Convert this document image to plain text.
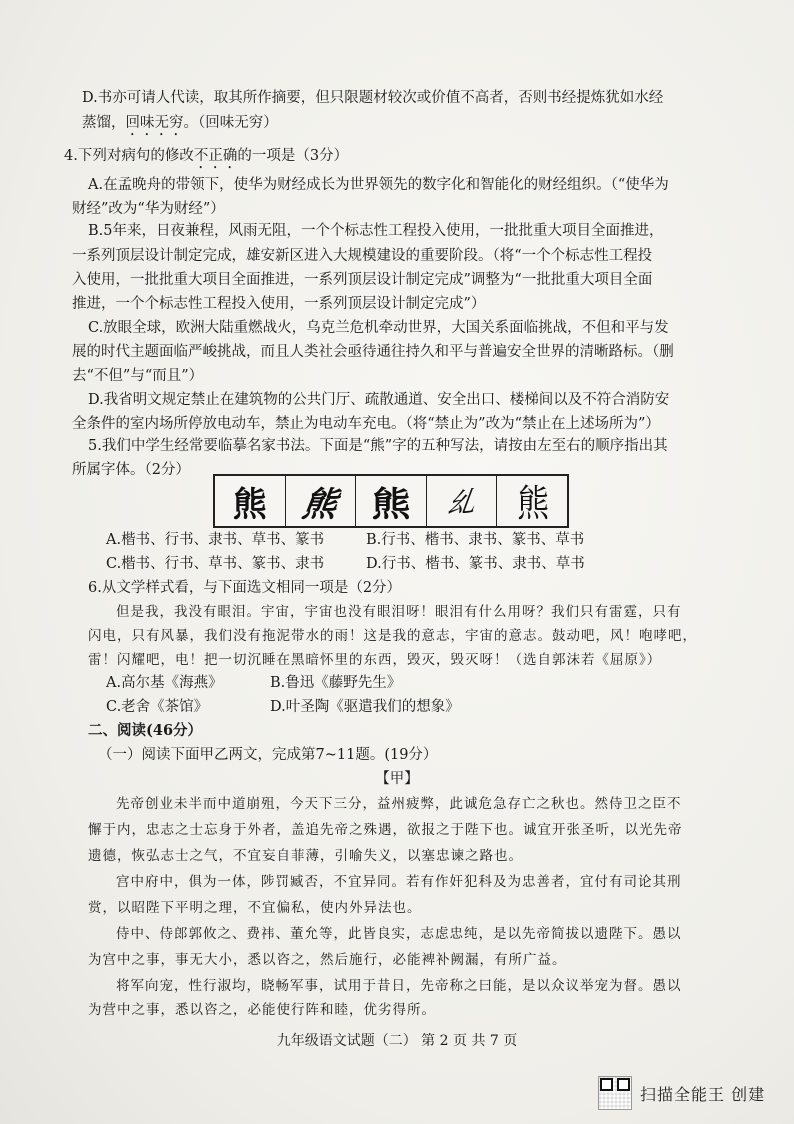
D.书亦可请人代读，取其所作摘要，但只限题材较次或价值不高者，否则书经提炼犹如水经
蒸馏，回味无穷。（回味无穷）
4.下列对病句的修改不正确的一项是（3分）
A.在孟晚舟的带领下，使华为财经成长为世界领先的数字化和智能化的财经组织。（“使华为
财经”改为“华为财经”）
B.5年来，日夜兼程，风雨无阻，一个个标志性工程投入使用，一批批重大项目全面推进，
一系列顶层设计制定完成，雄安新区进入大规模建设的重要阶段。（将“一个个标志性工程投
入使用，一批批重大项目全面推进，一系列顶层设计制定完成”调整为“一批批重大项目全面
推进，一个个标志性工程投入使用，一系列顶层设计制定完成”）
C.放眼全球，欧洲大陆重燃战火，乌克兰危机牵动世界，大国关系面临挑战，不但和平与发
展的时代主题面临严峻挑战，而且人类社会亟待通往持久和平与普遍安全世界的清晰路标。（删
去“不但”与“而且”）
D.我省明文规定禁止在建筑物的公共门厅、疏散通道、安全出口、楼梯间以及不符合消防安
全条件的室内场所停放电动车，禁止为电动车充电。（将“禁止为”改为“禁止在上述场所为”）
5.我们中学生经常要临摹名家书法。下面是“熊”字的五种写法，请按由左至右的顺序指出其
所属字体。（2分）
熊 熊 熊 乣 熊
A.楷书、行书、隶书、草书、篆书	B.行书、楷书、隶书、篆书、草书
C.楷书、行书、草书、篆书、隶书	D.行书、楷书、篆书、隶书、草书
6.从文学样式看，与下面选文相同一项是（2分）
但是我，我没有眼泪。宇宙，宇宙也没有眼泪呀！眼泪有什么用呀？我们只有雷霆，只有
闪电，只有风暴，我们没有拖泥带水的雨！这是我的意志，宇宙的意志。鼓动吧，风！咆哮吧，
雷！闪耀吧，电！把一切沉睡在黑暗怀里的东西，毁灭，毁灭呀！（选自郭沫若《屈原》）
A.高尔基《海燕》	B.鲁迅《藤野先生》
C.老舍《茶馆》	D.叶圣陶《驱遣我们的想象》
二、阅读(46分）
（一）阅读下面甲乙两文，完成第7~11题。(19分）
【甲】
先帝创业未半而中道崩殂，今天下三分，益州疲弊，此诚危急存亡之秋也。然侍卫之臣不
懈于内，忠志之士忘身于外者，盖追先帝之殊遇，欲报之于陛下也。诚宜开张圣听，以光先帝
遗德，恢弘志士之气，不宜妄自菲薄，引喻失义，以塞忠谏之路也。
宫中府中，俱为一体，陟罚臧否，不宜异同。若有作奸犯科及为忠善者，宜付有司论其刑
赏，以昭陛下平明之理，不宜偏私，使内外异法也。
侍中、侍郎郭攸之、费祎、董允等，此皆良实，志虑忠纯，是以先帝简拔以遗陛下。愚以
为宫中之事，事无大小，悉以咨之，然后施行，必能裨补阙漏，有所广益。
将军向宠，性行淑均，晓畅军事，试用于昔日，先帝称之曰能，是以众议举宠为督。愚以
为营中之事，悉以咨之，必能使行阵和睦，优劣得所。
九年级语文试题（二） 第 2 页 共 7 页
扫描全能王 创建
